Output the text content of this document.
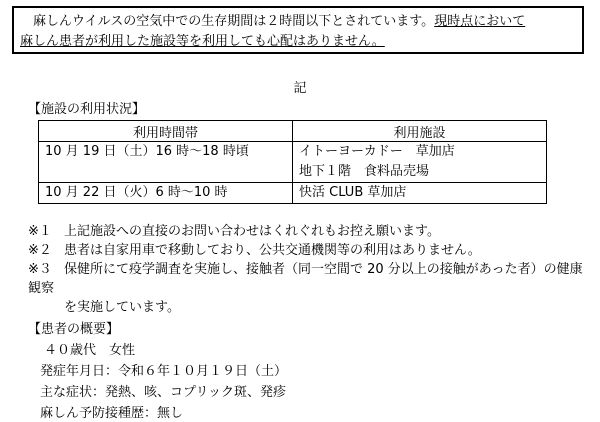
麻しんウイルスの空気中での生存期間は２時間以下とされています。現時点において
麻しん患者が利用した施設等を利用しても心配はありません。
記
【施設の利用状況】
利用時間帯	利用施設

10 月 19 日（土）16 時〜18 時頃	イトーヨーカドー　草加店
地下１階　食料品売場

10 月 22 日（火）6 時〜10 時	快活 CLUB 草加店
※１ 上記施設への直接のお問い合わせはくれぐれもお控え願います。
※２ 患者は自家用車で移動しており、公共交通機関等の利用はありません。
※３ 保健所にて疫学調査を実施し、接触者（同一空間で 20 分以上の接触があった者）の健康観察
を実施しています。
【患者の概要】
４０歳代　女性
発症年月日：令和６年１０月１９日（土）
主な症状：発熱、咳、コプリック斑、発疹
麻しん予防接種歴：無し
